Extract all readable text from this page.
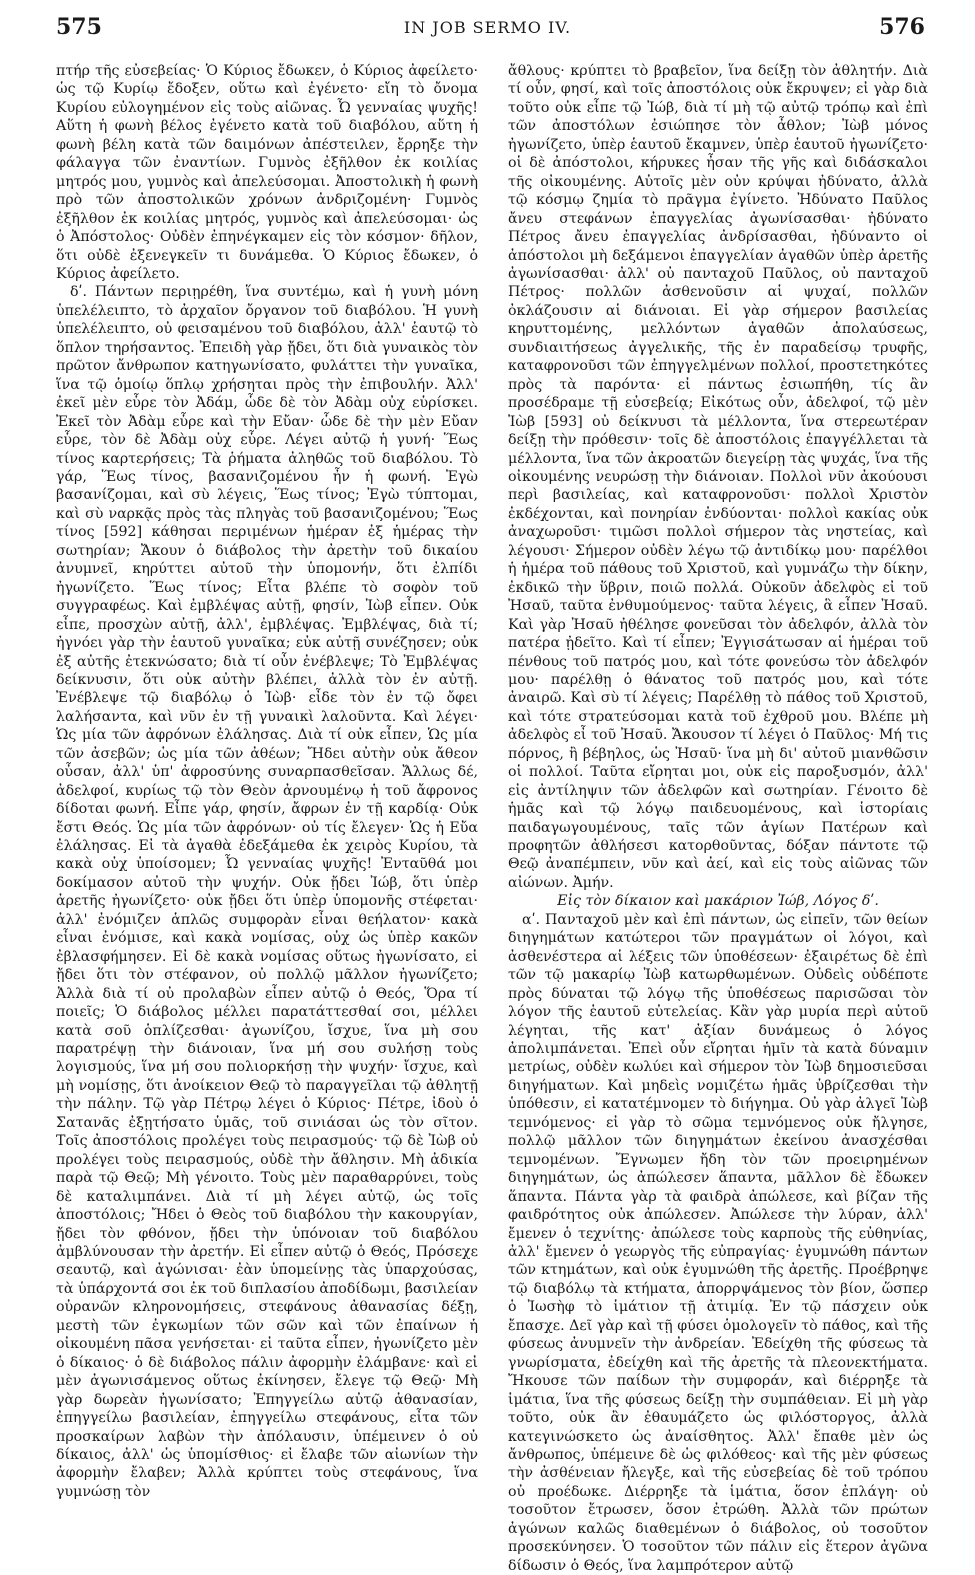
575	IN JOB SERMO IV.	576

πτήρ τῆς εὐσεβείας· Ὁ Κύριος ἔδωκεν, ὁ Κύριος ἀφείλετο· ὡς τῷ Κυρίῳ ἔδοξεν, οὕτω καὶ ἐγένετο· εἴη τὸ ὄνομα Κυρίου εὐλογημένον εἰς τοὺς αἰῶνας. Ὦ γενναίας ψυχῆς! Αὕτη ἡ φωνὴ βέλος ἐγένετο κατὰ τοῦ διαβόλου, αὕτη ἡ φωνὴ βέλη κατὰ τῶν δαιμόνων ἀπέστειλεν, ἔρρηξε τὴν φάλαγγα τῶν ἐναντίων. Γυμνὸς ἐξῆλθον ἐκ κοιλίας μητρός μου, γυμνὸς καὶ ἀπελεύσομαι. Ἀποστολικὴ ἡ φωνὴ πρὸ τῶν ἀποστολικῶν χρόνων ἀνδριζομένη· Γυμνὸς ἐξῆλθον ἐκ κοιλίας μητρός, γυμνὸς καὶ ἀπελεύσομαι· ὡς ὁ Ἀπόστολος· Οὐδὲν ἐπηνέγκαμεν εἰς τὸν κόσμον· δῆλον, ὅτι οὐδὲ ἐξενεγκεῖν τι δυνάμεθα. Ὁ Κύριος ἔδωκεν, ὁ Κύριος ἀφείλετο.

δʹ. Πάντων περιῃρέθη, ἵνα συντέμω, καὶ ἡ γυνὴ μόνη ὑπελέλειπτο, τὸ ἀρχαῖον ὄργανον τοῦ διαβόλου. Ἡ γυνὴ ὑπελέλειπτο, οὐ φεισαμένου τοῦ διαβόλου, ἀλλ' ἑαυτῷ τὸ ὅπλον τηρήσαντος. Ἐπειδὴ γὰρ ᾔδει, ὅτι διὰ γυναικὸς τὸν πρῶτον ἄνθρωπον κατηγωνίσατο, φυλάττει τὴν γυναῖκα, ἵνα τῷ ὁμοίῳ ὅπλῳ χρήσηται πρὸς τὴν ἐπιβουλήν. Ἀλλ' ἐκεῖ μὲν εὗρε τὸν Ἀδάμ, ὧδε δὲ τὸν Ἀδὰμ οὐχ εὑρίσκει. Ἐκεῖ τὸν Ἀδὰμ εὗρε καὶ τὴν Εὔαν· ὧδε δὲ τὴν μὲν Εὔαν εὗρε, τὸν δὲ Ἀδὰμ οὐχ εὗρε. Λέγει αὐτῷ ἡ γυνή· Ἕως τίνος καρτερήσεις; Τὰ ῥήματα ἀληθῶς τοῦ διαβόλου. Τὸ γάρ, Ἕως τίνος, βασανιζομένου ἦν ἡ φωνή. Ἐγὼ βασανίζομαι, καὶ σὺ λέγεις, Ἕως τίνος; Ἐγὼ τύπτομαι, καὶ σὺ ναρκᾷς πρὸς τὰς πληγὰς τοῦ βασανιζομένου; Ἕως τίνος [592] κάθησαι περιμένων ἡμέραν ἐξ ἡμέρας τὴν σωτηρίαν; Ἄκουν ὁ διάβολος τὴν ἀρετὴν τοῦ δικαίου ἀνυμνεῖ, κηρύττει αὐτοῦ τὴν ὑπομονήν, ὅτι ἐλπίδι ἠγωνίζετο. Ἕως τίνος; Εἶτα βλέπε τὸ σοφὸν τοῦ συγγραφέως. Καὶ ἐμβλέψας αὐτῇ, φησίν, Ἰὼβ εἶπεν. Οὐκ εἶπε, προσχὼν αὐτῇ, ἀλλ', ἐμβλέψας. Ἐμβλέψας, διὰ τί; ἠγνόει γὰρ τὴν ἑαυτοῦ γυναῖκα; εὐκ αὐτῇ συνέζησεν; οὐκ ἐξ αὐτῆς ἐτεκνώσατο; διὰ τί οὖν ἐνέβλεψε; Τὸ Ἐμβλέψας δείκνυσιν, ὅτι οὐκ αὐτὴν βλέπει, ἀλλὰ τὸν ἐν αὐτῇ. Ἐνέβλεψε τῷ διαβόλῳ ὁ Ἰὼβ· εἶδε τὸν ἐν τῷ ὄφει λαλήσαντα, καὶ νῦν ἐν τῇ γυναικὶ λαλοῦντα. Καὶ λέγει· Ὡς μία τῶν ἀφρόνων ἐλάλησας. Διὰ τί οὐκ εἶπεν, Ὡς μία τῶν ἀσεβῶν; ὡς μία τῶν ἀθέων; Ἤδει αὐτὴν οὐκ ἄθεον οὖσαν, ἀλλ' ὑπ' ἀφροσύνης συναρπασθεῖσαν. Ἄλλως δέ, ἀδελφοί, κυρίως τῷ τὸν Θεὸν ἀρνουμένῳ ἡ τοῦ ἄφρονος δίδοται φωνή. Εἶπε γάρ, φησίν, ἄφρων ἐν τῇ καρδίᾳ· Οὐκ ἔστι Θεός. Ὡς μία τῶν ἀφρόνων· οὐ τίς ἔλεγεν· Ὡς ἡ Εὔα ἐλάλησας. Εἰ τὰ ἀγαθὰ ἐδεξάμεθα ἐκ χειρὸς Κυρίου, τὰ κακὰ οὐχ ὑποίσομεν; Ὦ γενναίας ψυχῆς! Ἐνταῦθά μοι δοκίμασον αὐτοῦ τὴν ψυχήν. Οὐκ ᾔδει Ἰώβ, ὅτι ὑπὲρ ἀρετῆς ἠγωνίζετο· οὐκ ᾔδει ὅτι ὑπὲρ ὑπομονῆς στέφεται· ἀλλ' ἐνόμιζεν ἁπλῶς συμφορὰν εἶναι θεήλατον· κακὰ εἶναι ἐνόμισε, καὶ κακὰ νομίσας, οὐχ ὡς ὑπὲρ κακῶν ἐβλασφήμησεν. Εἰ δὲ κακὰ νομίσας οὕτως ἠγωνίσατο, εἰ ᾔδει ὅτι τὸν στέφανον, οὐ πολλῷ μᾶλλον ἠγωνίζετο; Ἀλλὰ διὰ τί οὐ προλαβὼν εἶπεν αὐτῷ ὁ Θεός, Ὅρα τί ποιεῖς; Ὁ διάβολος μέλλει παρατάττεσθαί σοι, μέλλει κατὰ σοῦ ὁπλίζεσθαι· ἀγωνίζου, ἴσχυε, ἵνα μὴ σου παρατρέψῃ τὴν διάνοιαν, ἵνα μή σου συλήσῃ τοὺς λογισμούς, ἵνα μή σου πολιορκήσῃ τὴν ψυχήν· ἴσχυε, καὶ μὴ νομίσῃς, ὅτι ἀνοίκειον Θεῷ τὸ παραγγεῖλαι τῷ ἀθλητῇ τὴν πάλην. Τῷ γὰρ Πέτρῳ λέγει ὁ Κύριος· Πέτρε, ἰδοὺ ὁ Σατανᾶς ἐξῃτήσατο ὑμᾶς, τοῦ σινιάσαι ὡς τὸν σῖτον. Τοῖς ἀποστόλοις προλέγει τοὺς πειρασμούς· τῷ δὲ Ἰὼβ οὐ προλέγει τοὺς πειρασμούς, οὐδὲ τὴν ἄθλησιν. Μὴ ἀδικία παρὰ τῷ Θεῷ; Μὴ γένοιτο. Τοὺς μὲν παραθαρρύνει, τοὺς δὲ καταλιμπάνει. Διὰ τί μὴ λέγει αὐτῷ, ὡς τοῖς ἀποστόλοις; Ἤδει ὁ Θεὸς τοῦ διαβόλου τὴν κακουργίαν, ᾔδει τὸν φθόνον, ᾔδει τὴν ὑπόνοιαν τοῦ διαβόλου ἀμβλύνουσαν τὴν ἀρετήν. Εἰ εἶπεν αὐτῷ ὁ Θεός, Πρόσεχε σεαυτῷ, καὶ ἀγώνισαι· ἐὰν ὑπομείνῃς τὰς ὑπαρχούσας, τὰ ὑπάρχοντά σοι ἐκ τοῦ διπλασίου ἀποδίδωμι, βασιλείαν οὐρανῶν κληρονομήσεις, στεφάνους ἀθανασίας δέξῃ, μεστὴ τῶν ἐγκωμίων τῶν σῶν καὶ τῶν ἐπαίνων ἡ οἰκουμένη πᾶσα γενήσεται· εἰ ταῦτα εἶπεν, ἠγωνίζετο μὲν ὁ δίκαιος· ὁ δὲ διάβολος πάλιν ἀφορμὴν ἐλάμβανε· καὶ εἰ μὲν ἀγωνισάμενος οὕτως ἐκίνησεν, ἔλεγε τῷ Θεῷ· Μὴ γὰρ δωρεὰν ἠγωνίσατο; Ἐπηγγείλω αὐτῷ ἀθανασίαν, ἐπηγγείλω βασιλείαν, ἐπηγγείλω στεφάνους, εἶτα τῶν προσκαίρων λαβὼν τὴν ἀπόλαυσιν, ὑπέμεινεν ὁ οὐ δίκαιος, ἀλλ' ὡς ὑπομίσθιος· εἰ ἔλαβε τῶν αἰωνίων τὴν ἀφορμὴν ἔλαβεν; Ἀλλὰ κρύπτει τοὺς στεφάνους, ἵνα γυμνώσῃ τὸν

ἄθλους· κρύπτει τὸ βραβεῖον, ἵνα δείξῃ τὸν ἀθλητήν. Διὰ τί οὖν, φησί, καὶ τοῖς ἀποστόλοις οὐκ ἔκρυψεν; εἰ γὰρ διὰ τοῦτο οὐκ εἶπε τῷ Ἰώβ, διὰ τί μὴ τῷ αὐτῷ τρόπῳ καὶ ἐπὶ τῶν ἀποστόλων ἐσιώπησε τὸν ἆθλον; Ἰὼβ μόνος ἠγωνίζετο, ὑπὲρ ἑαυτοῦ ἔκαμνεν, ὑπὲρ ἑαυτοῦ ἠγωνίζετο· οἱ δὲ ἀπόστολοι, κήρυκες ἦσαν τῆς γῆς καὶ διδάσκαλοι τῆς οἰκουμένης. Αὐτοῖς μὲν οὐν κρύψαι ἠδύνατο, ἀλλὰ τῷ κόσμῳ ζημία τὸ πρᾶγμα ἐγίνετο. Ἠδύνατο Παῦλος ἄνευ στεφάνων ἐπαγγελίας ἀγωνίσασθαι· ἠδύνατο Πέτρος ἄνευ ἐπαγγελίας ἀνδρίσασθαι, ἠδύναντο οἱ ἀπόστολοι μὴ δεξάμενοι ἐπαγγελίαν ἀγαθῶν ὑπὲρ ἀρετῆς ἀγωνίσασθαι· ἀλλ' οὐ πανταχοῦ Παῦλος, οὐ πανταχοῦ Πέτρος· πολλῶν ἀσθενοῦσιν αἱ ψυχαί, πολλῶν ὀκλάζουσιν αἱ διάνοιαι. Εἰ γὰρ σήμερον βασιλείας κηρυττομένης, μελλόντων ἀγαθῶν ἀπολαύσεως, συνδιαιτήσεως ἀγγελικῆς, τῆς ἐν παραδείσῳ τρυφῆς, καταφρονοῦσι τῶν ἐπηγγελμένων πολλοί, προστετηκότες πρὸς τὰ παρόντα· εἰ πάντως ἐσιωπήθη, τίς ἂν προσέδραμε τῇ εὐσεβείᾳ; Εἰκότως οὖν, ἀδελφοί, τῷ μὲν Ἰὼβ [593] οὐ δείκνυσι τὰ μέλλοντα, ἵνα στερεωτέραν δείξῃ τὴν πρόθεσιν· τοῖς δὲ ἀποστόλοις ἐπαγγέλλεται τὰ μέλλοντα, ἵνα τῶν ἀκροατῶν διεγείρῃ τὰς ψυχάς, ἵνα τῆς οἰκουμένης νευρώσῃ τὴν διάνοιαν. Πολλοὶ νῦν ἀκούουσι περὶ βασιλείας, καὶ καταφρονοῦσι· πολλοὶ Χριστὸν ἐκδέχονται, καὶ πονηρίαν ἐνδύονται· πολλοὶ κακίας οὐκ ἀναχωροῦσι· τιμῶσι πολλοὶ σήμερον τὰς νηστείας, καὶ λέγουσι· Σήμερον οὐδὲν λέγω τῷ ἀντιδίκῳ μου· παρέλθοι ἡ ἡμέρα τοῦ πάθους τοῦ Χριστοῦ, καὶ γυμνάζω τὴν δίκην, ἐκδικῶ τὴν ὕβριν, ποιῶ πολλά. Οὐκοῦν ἀδελφὸς εἰ τοῦ Ἠσαῦ, ταῦτα ἐνθυμούμενος· ταῦτα λέγεις, ἃ εἶπεν Ἠσαῦ. Καὶ γὰρ Ἠσαῦ ἠθέλησε φονεῦσαι τὸν ἀδελφόν, ἀλλὰ τὸν πατέρα ᾐδεῖτο. Καὶ τί εἶπεν; Ἐγγισάτωσαν αἱ ἡμέραι τοῦ πένθους τοῦ πατρός μου, καὶ τότε φονεύσω τὸν ἀδελφόν μου· παρέλθῃ ὁ θάνατος τοῦ πατρός μου, καὶ τότε ἀναιρῶ. Καὶ σὺ τί λέγεις; Παρέλθῃ τὸ πάθος τοῦ Χριστοῦ, καὶ τότε στρατεύσομαι κατὰ τοῦ ἐχθροῦ μου. Βλέπε μὴ ἀδελφὸς εἶ τοῦ Ἠσαῦ. Ἄκουσον τί λέγει ὁ Παῦλος· Μή τις πόρνος, ἢ βέβηλος, ὡς Ἠσαῦ· ἵνα μὴ δι' αὐτοῦ μιανθῶσιν οἱ πολλοί. Ταῦτα εἴρηται μοι, οὐκ εἰς παροξυσμόν, ἀλλ' εἰς ἀντίληψιν τῶν ἀδελφῶν καὶ σωτηρίαν. Γένοιτο δὲ ἡμᾶς καὶ τῷ λόγῳ παιδευομένους, καὶ ἱστορίαις παιδαγωγουμένους, ταῖς τῶν ἁγίων Πατέρων καὶ προφητῶν ἀθλήσεσι κατορθοῦντας, δόξαν πάντοτε τῷ Θεῷ ἀναπέμπειν, νῦν καὶ ἀεί, καὶ εἰς τοὺς αἰῶνας τῶν αἰώνων. Ἀμήν.

Εἰς τὸν δίκαιον καὶ μακάριον Ἰώβ, Λόγος δʹ.

αʹ. Πανταχοῦ μὲν καὶ ἐπὶ πάντων, ὡς εἰπεῖν, τῶν θείων διηγημάτων κατώτεροι τῶν πραγμάτων οἱ λόγοι, καὶ ἀσθενέστερα αἱ λέξεις τῶν ὑποθέσεων· ἐξαιρέτως δὲ ἐπὶ τῶν τῷ μακαρίῳ Ἰὼβ κατωρθωμένων. Οὐδεὶς οὐδέποτε πρὸς δύναται τῷ λόγῳ τῆς ὑποθέσεως παρισῶσαι τὸν λόγον τῆς ἑαυτοῦ εὐτελείας. Κἂν γὰρ μυρία περὶ αὐτοῦ λέγηται, τῆς κατ' ἀξίαν δυνάμεως ὁ λόγος ἀπολιμπάνεται. Ἐπεὶ οὖν εἴρηται ἡμῖν τὰ κατὰ δύναμιν μετρίως, οὐδὲν κωλύει καὶ σήμερον τὸν Ἰὼβ δημοσιεῦσαι διηγήματων. Καὶ μηδεὶς νομιζέτω ἡμᾶς ὑβρίζεσθαι τὴν ὑπόθεσιν, εἰ κατατέμνομεν τὸ διήγημα. Οὐ γὰρ ἀλγεῖ Ἰὼβ τεμνόμενος· εἰ γὰρ τὸ σῶμα τεμνόμενος οὐκ ἤλγησε, πολλῷ μᾶλλον τῶν διηγημάτων ἐκείνου ἀνασχέσθαι τεμνομένων. Ἔγνωμεν ἤδη τὸν τῶν προειρημένων διηγημάτων, ὡς ἀπώλεσεν ἅπαντα, μᾶλλον δὲ ἔδωκεν ἅπαντα. Πάντα γὰρ τὰ φαιδρὰ ἀπώλεσε, καὶ βίζαν τῆς φαιδρότητος οὐκ ἀπώλεσεν. Ἀπώλεσε τὴν λύραν, ἀλλ' ἔμενεν ὁ τεχνίτης· ἀπώλεσε τοὺς καρποὺς τῆς εὐθηνίας, ἀλλ' ἔμενεν ὁ γεωργὸς τῆς εὐπραγίας· ἐγυμνώθη πάντων τῶν κτημάτων, καὶ οὐκ ἐγυμνώθη τῆς ἀρετῆς. Προέβρηψε τῷ διαβόλῳ τὰ κτήματα, ἀπορρψάμενος τὸν βίον, ὥσπερ ὁ Ἰωσὴφ τὸ ἱμάτιον τῇ ἀτιμίᾳ. Ἐν τῷ πάσχειν οὐκ ἔπασχε. Δεῖ γὰρ καὶ τῇ φύσει ὁμολογεῖν τὸ πάθος, καὶ τῆς φύσεως ἀνυμνεῖν τὴν ἀνδρείαν. Ἐδείχθη τῆς φύσεως τὰ γνωρίσματα, ἐδείχθη καὶ τῆς ἀρετῆς τὰ πλεονεκτήματα. Ἤκουσε τῶν παίδων τὴν συμφοράν, καὶ διέρρηξε τὰ ἱμάτια, ἵνα τῆς φύσεως δείξῃ τὴν συμπάθειαν. Εἰ μὴ γὰρ τοῦτο, οὐκ ἂν ἐθαυμάζετο ὡς φιλόστοργος, ἀλλὰ κατεγινώσκετο ὡς ἀναίσθητος. Ἀλλ' ἔπαθε μὲν ὡς ἄνθρωπος, ὑπέμεινε δὲ ὡς φιλόθεος· καὶ τῆς μὲν φύσεως τὴν ἀσθένειαν ἤλεγξε, καὶ τῆς εὐσεβείας δὲ τοῦ τρόπου οὐ προέδωκε. Διέρρηξε τὰ ἱμάτια, ὅσον ἐπλάγη· οὐ τοσοῦτον ἔτρωσεν, ὅσον ἐτρώθη. Ἀλλὰ τῶν πρώτων ἀγώνων καλῶς διαθεμένων ὁ διάβολος, οὐ τοσοῦτον προσεκύνησεν. Ὁ τοσοῦτον τῶν πάλιν εἰς ἕτερον ἀγῶνα δίδωσιν ὁ Θεός, ἵνα λαμπρότερον αὐτῷ
